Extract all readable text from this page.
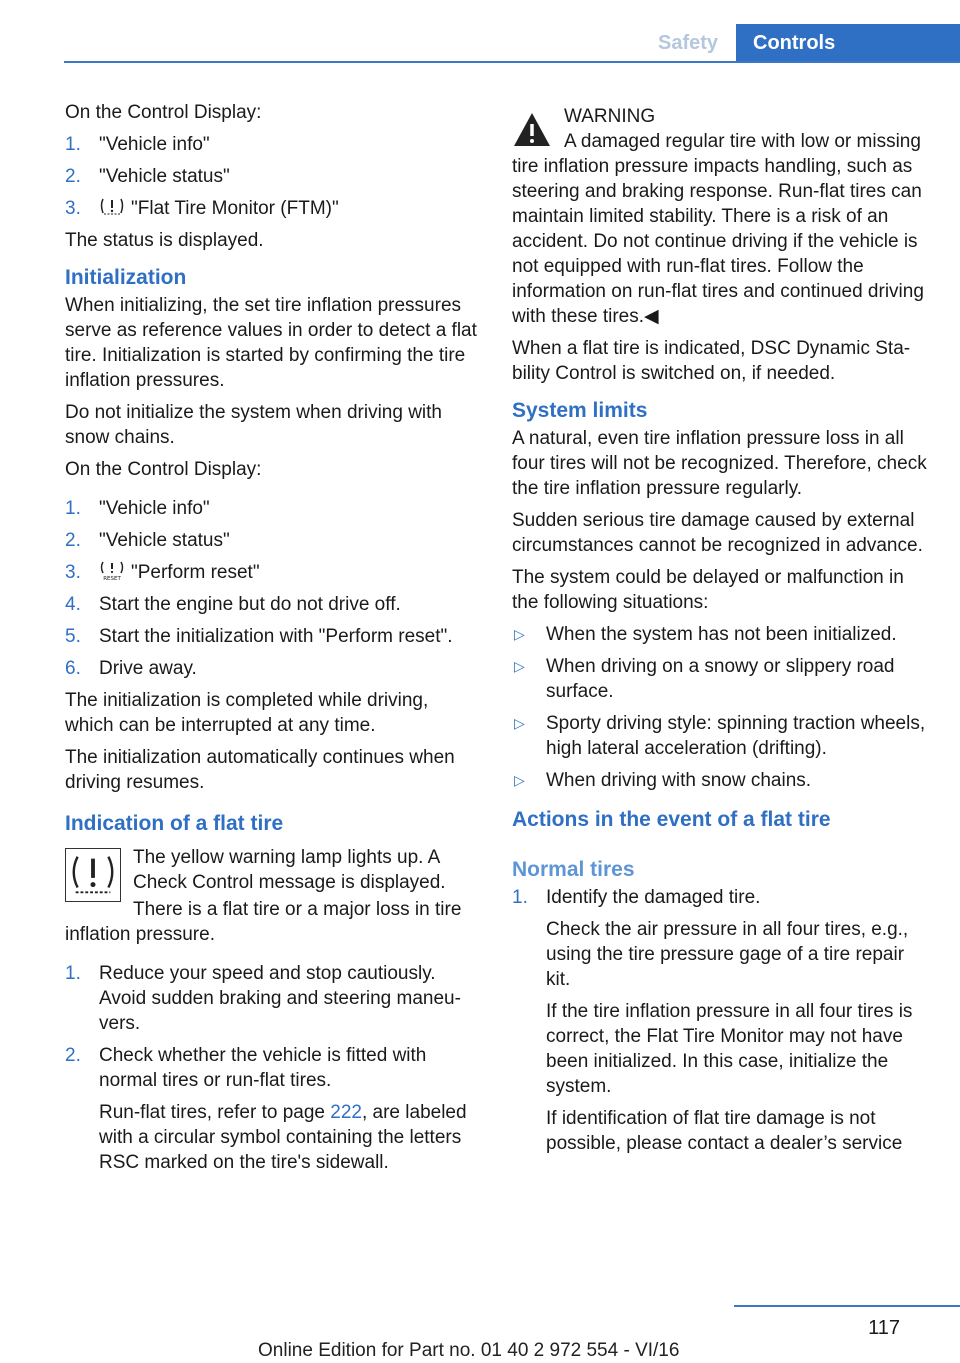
Safety	Controls

On the Control Display:

1. "Vehicle info"
2. "Vehicle status"
3.	"Flat Tire Monitor (FTM)"

The status is displayed.

Initialization

When initializing, the set tire inflation pressures serve as reference values in order to detect a flat tire. Initialization is started by confirming the tire inflation pressures.

Do not initialize the system when driving with snow chains.

On the Control Display:

1. "Vehicle info"
2. "Vehicle status"
3.	RESET "Perform reset"
4. Start the engine but do not drive off.
5. Start the initialization with "Perform reset".
6. Drive away.

The initialization is completed while driving, which can be interrupted at any time.

The initialization automatically continues when driving resumes.

Indication of a flat tire

The yellow warning lamp lights up. A Check Control message is displayed.

There is a flat tire or a major loss in tire inflation pressure.

1. Reduce your speed and stop cautiously. Avoid sudden braking and steering maneuvers.
2. Check whether the vehicle is fitted with normal tires or run-flat tires.

Run-flat tires, refer to page 222, are labeled with a circular symbol containing the letters RSC marked on the tire's sidewall.

WARNING

A damaged regular tire with low or missing tire inflation pressure impacts handling, such as steering and braking response. Run-flat tires can maintain limited stability. There is a risk of an accident. Do not continue driving if the vehicle is not equipped with run-flat tires. Follow the information on run-flat tires and continued driving with these tires.◀

When a flat tire is indicated, DSC Dynamic Stability Control is switched on, if needed.

System limits

A natural, even tire inflation pressure loss in all four tires will not be recognized. Therefore, check the tire inflation pressure regularly.

Sudden serious tire damage caused by external circumstances cannot be recognized in advance.

The system could be delayed or malfunction in the following situations:

▷ When the system has not been initialized.
▷ When driving on a snowy or slippery road surface.
▷ Sporty driving style: spinning traction wheels, high lateral acceleration (drifting).
▷ When driving with snow chains.
Actions in the event of a flat tire
Normal tires
1. Identify the damaged tire.

Check the air pressure in all four tires, e.g., using the tire pressure gage of a tire repair kit.

If the tire inflation pressure in all four tires is correct, the Flat Tire Monitor may not have been initialized. In this case, initialize the system.

If identification of flat tire damage is not possible, please contact a dealer’s service

117
Online Edition for Part no. 01 40 2 972 554 - VI/16
